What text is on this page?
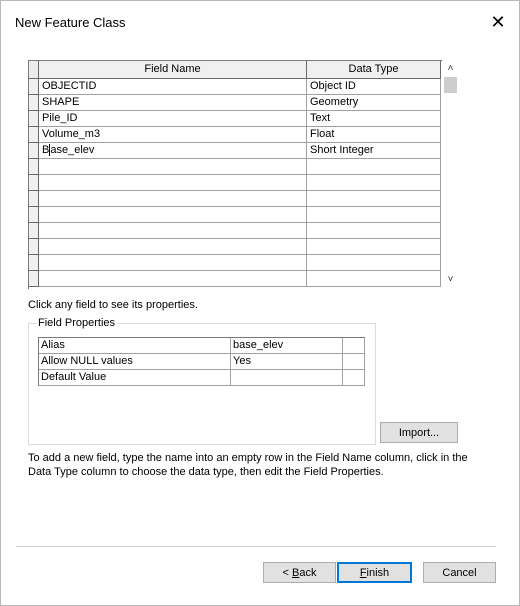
New Feature Class	✕
Field Name	Data Type
OBJECTID	Object ID
SHAPE	Geometry
Pile_ID	Text
Volume_m3	Float
Base_elev	Short Integer
˄
˅
Click any field to see its properties.
Field Properties
Alias	base_elev
Allow NULL values	Yes
Default Value
Import...
To add a new field, type the name into an empty row in the Field Name column, click in the Data Type column to choose the data type, then edit the Field Properties.
< B ack	F inish	Cancel
